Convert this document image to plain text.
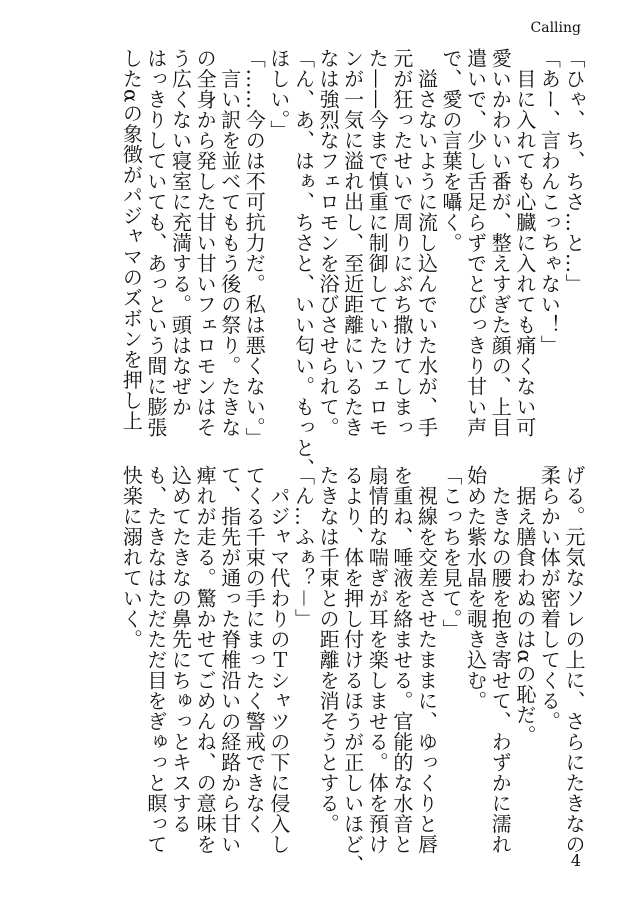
Calling
「ひゃ、ち、ちさ…と…」
「あー、言わんこっちゃない！」
　目に入れても心臓に入れても痛くない可
愛いかわいい番が、整えすぎた顔の、上目
遣いで、少し舌足らずでとびっきり甘い声
で、愛の言葉を囁く。
　溢さないように流し込んでいた水が、手
元が狂ったせいで周りにぶち撒けてしまっ
た——今まで慎重に制御していたフェロモ
ンが一気に溢れ出し、至近距離にいるたき
なは強烈なフェロモンを浴びさせられて。
「ん、あ、はぁ、ちさと、いい匂い。もっと、
ほしい。」
「……今のは不可抗力だ。私は悪くない。」
　言い訳を並べてももう後の祭り。たきな
の全身から発した甘い甘いフェロモンはそ
う広くない寝室に充満する。頭はなぜか
はっきりしていても、あっという間に膨張
したαの象徴がパジャマのズボンを押し上
げる。元気なソレの上に、さらにたきなの
柔らかい体が密着してくる。
　据え膳食わぬのはαの恥だ。
　たきなの腰を抱き寄せて、わずかに濡れ
始めた紫水晶を覗き込む。
「こっちを見て。」
　視線を交差させたままに、ゆっくりと唇
を重ね、唾液を絡ませる。官能的な水音と
扇情的な喘ぎが耳を楽しませる。体を預け
るより、体を押し付けるほうが正しいほど、
たきなは千束との距離を消そうとする。
「ん…ふぁ？－」
　パジャマ代わりのＴシャツの下に侵入し
てくる千束の手にまったく警戒できなく
て、指先が通った脊椎沿いの経路から甘い
痺れが走る。驚かせてごめんね、の意味を
込めてたきなの鼻先にちゅっとキスする
も、たきなはただただ目をぎゅっと瞑って
快楽に溺れていく。
4
